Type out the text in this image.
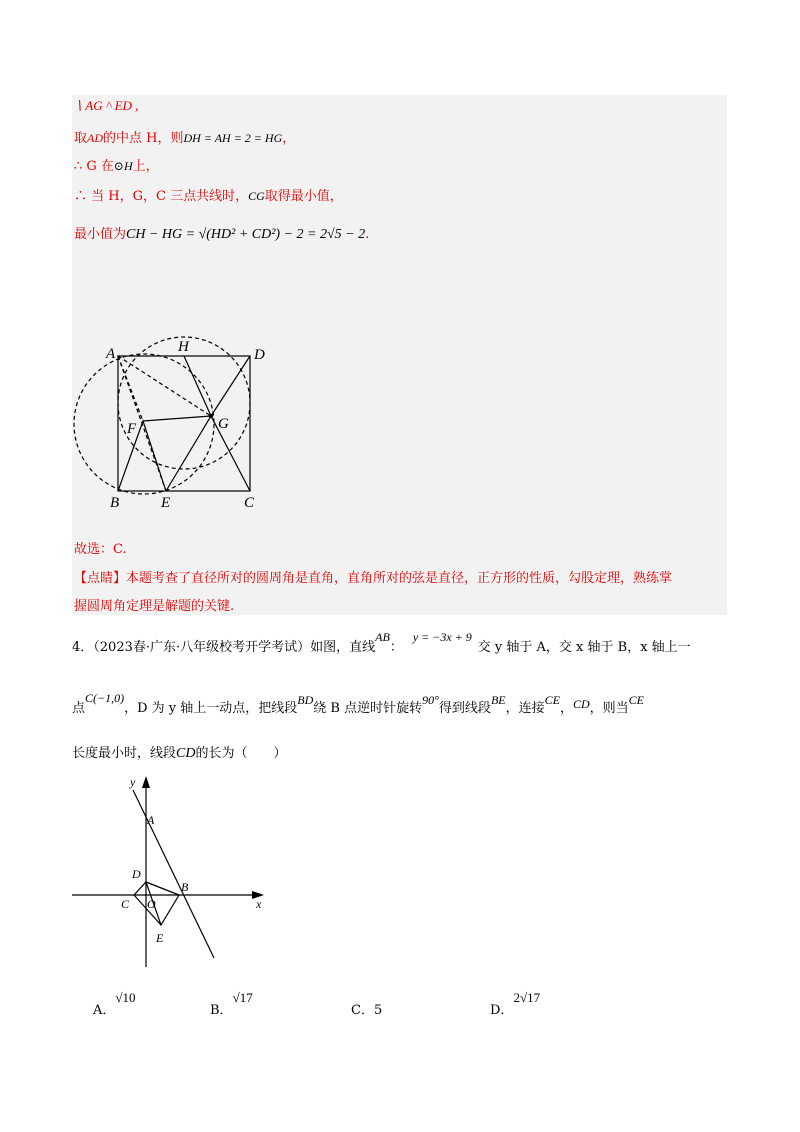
∖ AG ^ ED ,
取AD的中点 H，则DH = AH = 2 = HG，
∴ G 在⊙H上，
∴ 当 H，G，C 三点共线时，CG取得最小值，
最小值为CH − HG = √(HD² + CD²) − 2 = 2√5 − 2.
A	H	D
F	G
B	E	C
故选：C.
【点睛】本题考查了直径所对的圆周角是直角，直角所对的弦是直径，正方形的性质，勾股定理，熟练掌
握圆周角定理是解题的关键.
4．（2023春·广东·八年级校考开学考试）如图，直线AB：y = −3x + 9交 y 轴于 A，交 x 轴于 B，x 轴上一
点C(−1,0)，D 为 y 轴上一动点，把线段BD绕 B 点逆时针旋转90°得到线段BE，连接CE，CD，则当CE
长度最小时，线段CD的长为（　　）
y
x
A
D
B
C O
E
A．√10
B．√17
C．5	D．2√17
